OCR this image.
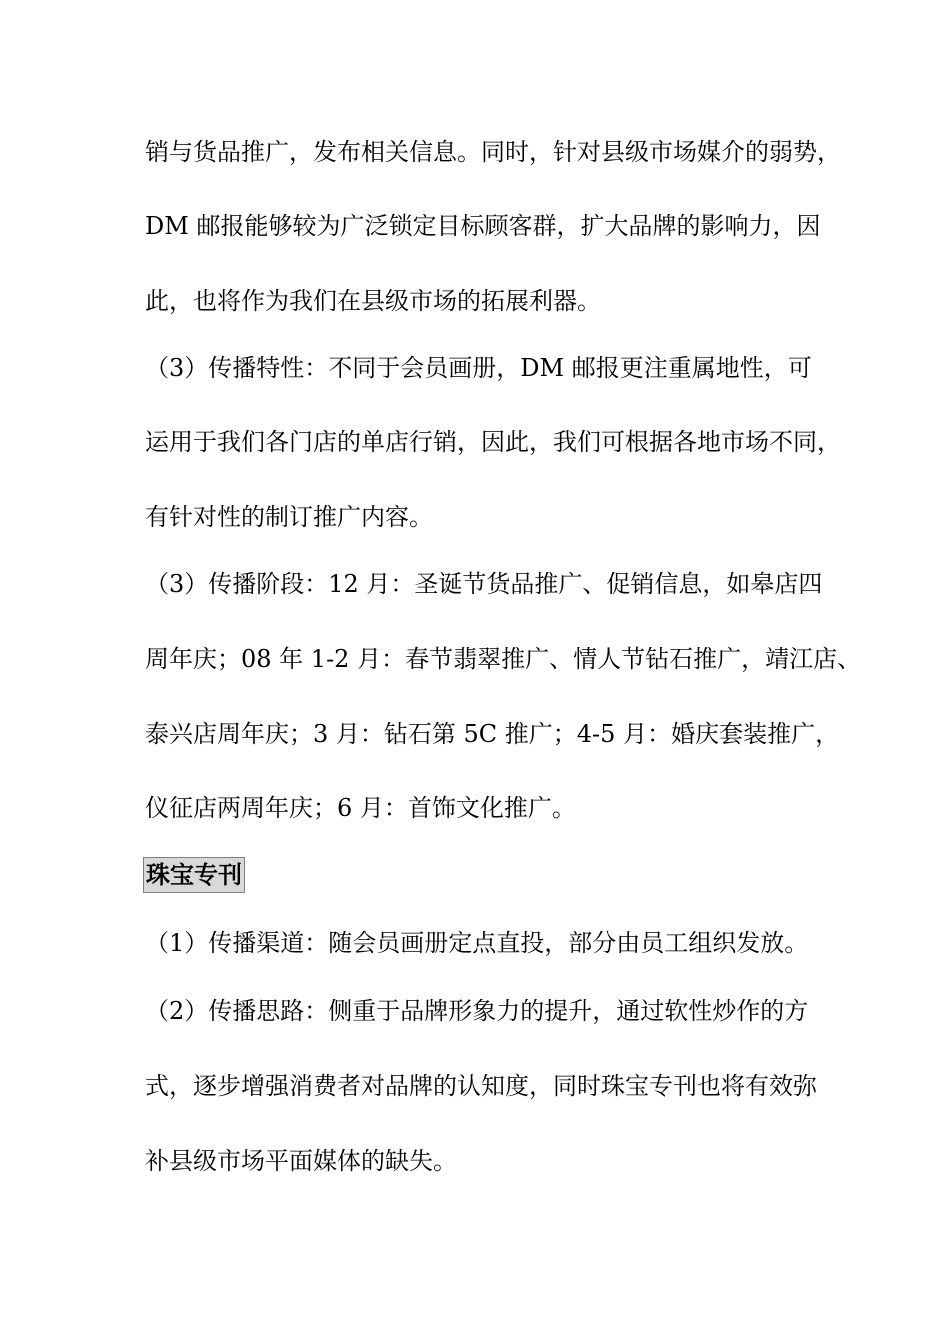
销与货品推广，发布相关信息。同时，针对县级市场媒介的弱势，
DM 邮报能够较为广泛锁定目标顾客群，扩大品牌的影响力，因
此，也将作为我们在县级市场的拓展利器。
（3）传播特性：不同于会员画册，DM 邮报更注重属地性，可
运用于我们各门店的单店行销，因此，我们可根据各地市场不同，
有针对性的制订推广内容。
（3）传播阶段：12 月：圣诞节货品推广、促销信息，如皋店四
周年庆；08 年 1-2 月：春节翡翠推广、情人节钻石推广，靖江店、
泰兴店周年庆；3 月：钻石第 5C 推广；4-5 月：婚庆套装推广，
仪征店两周年庆；6 月：首饰文化推广。
珠宝专刊
（1）传播渠道：随会员画册定点直投，部分由员工组织发放。
（2）传播思路：侧重于品牌形象力的提升，通过软性炒作的方
式，逐步增强消费者对品牌的认知度，同时珠宝专刊也将有效弥
补县级市场平面媒体的缺失。
